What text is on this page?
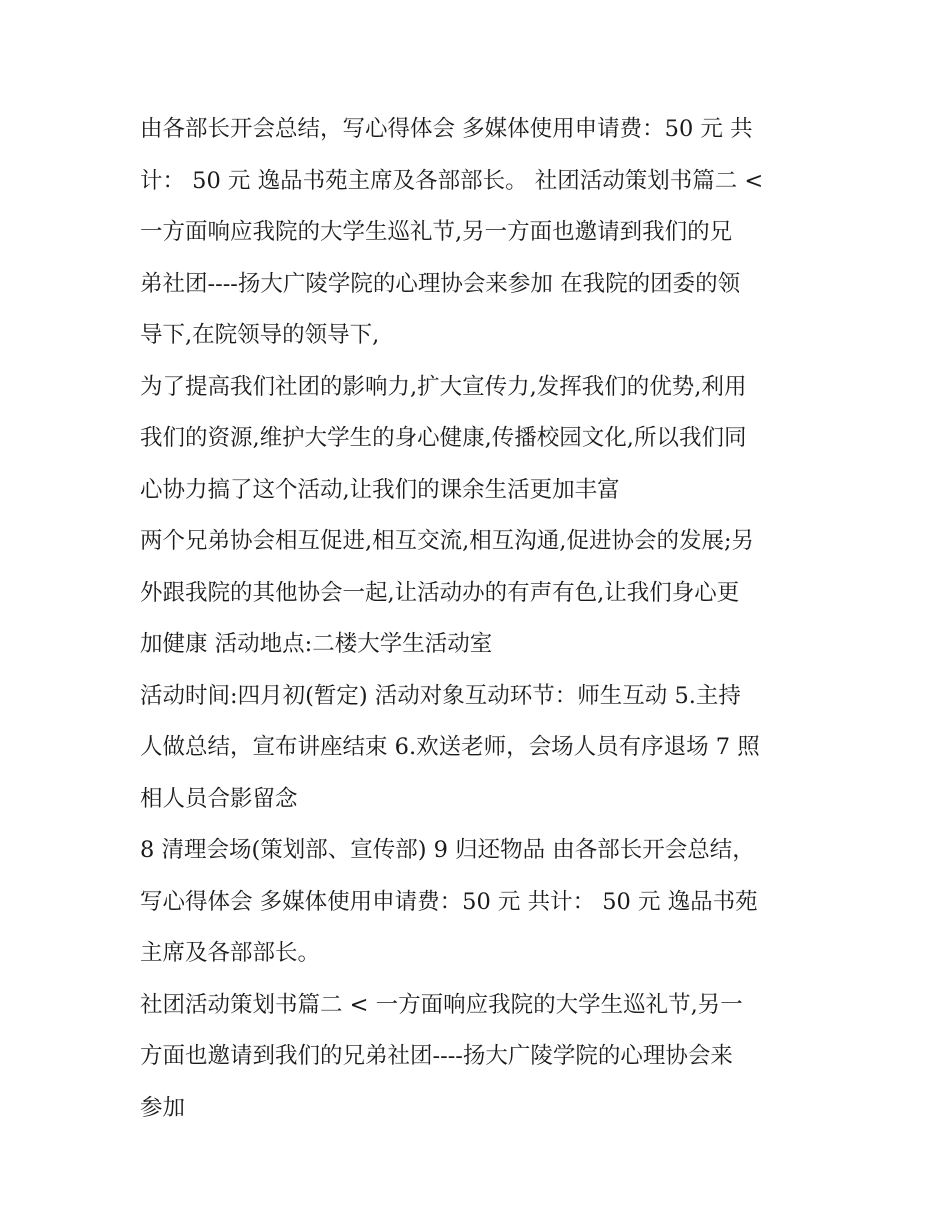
由各部长开会总结，写心得体会 多媒体使用申请费：50 元 共
计： 50 元 逸品书苑主席及各部部长。 社团活动策划书篇二 <
一方面响应我院的大学生巡礼节,另一方面也邀请到我们的兄
弟社团----扬大广陵学院的心理协会来参加 在我院的团委的领
导下,在院领导的领导下,

为了提高我们社团的影响力,扩大宣传力,发挥我们的优势,利用
我们的资源,维护大学生的身心健康,传播校园文化,所以我们同
心协力搞了这个活动,让我们的课余生活更加丰富

两个兄弟协会相互促进,相互交流,相互沟通,促进协会的发展;另
外跟我院的其他协会一起,让活动办的有声有色,让我们身心更
加健康 活动地点:二楼大学生活动室

活动时间:四月初(暂定) 活动对象互动环节：师生互动 5.主持
人做总结，宣布讲座结束 6.欢送老师，会场人员有序退场 7 照
相人员合影留念

8 清理会场(策划部、宣传部) 9 归还物品 由各部长开会总结，
写心得体会 多媒体使用申请费：50 元 共计： 50 元 逸品书苑
主席及各部部长。

社团活动策划书篇二 < 一方面响应我院的大学生巡礼节,另一
方面也邀请到我们的兄弟社团----扬大广陵学院的心理协会来
参加
